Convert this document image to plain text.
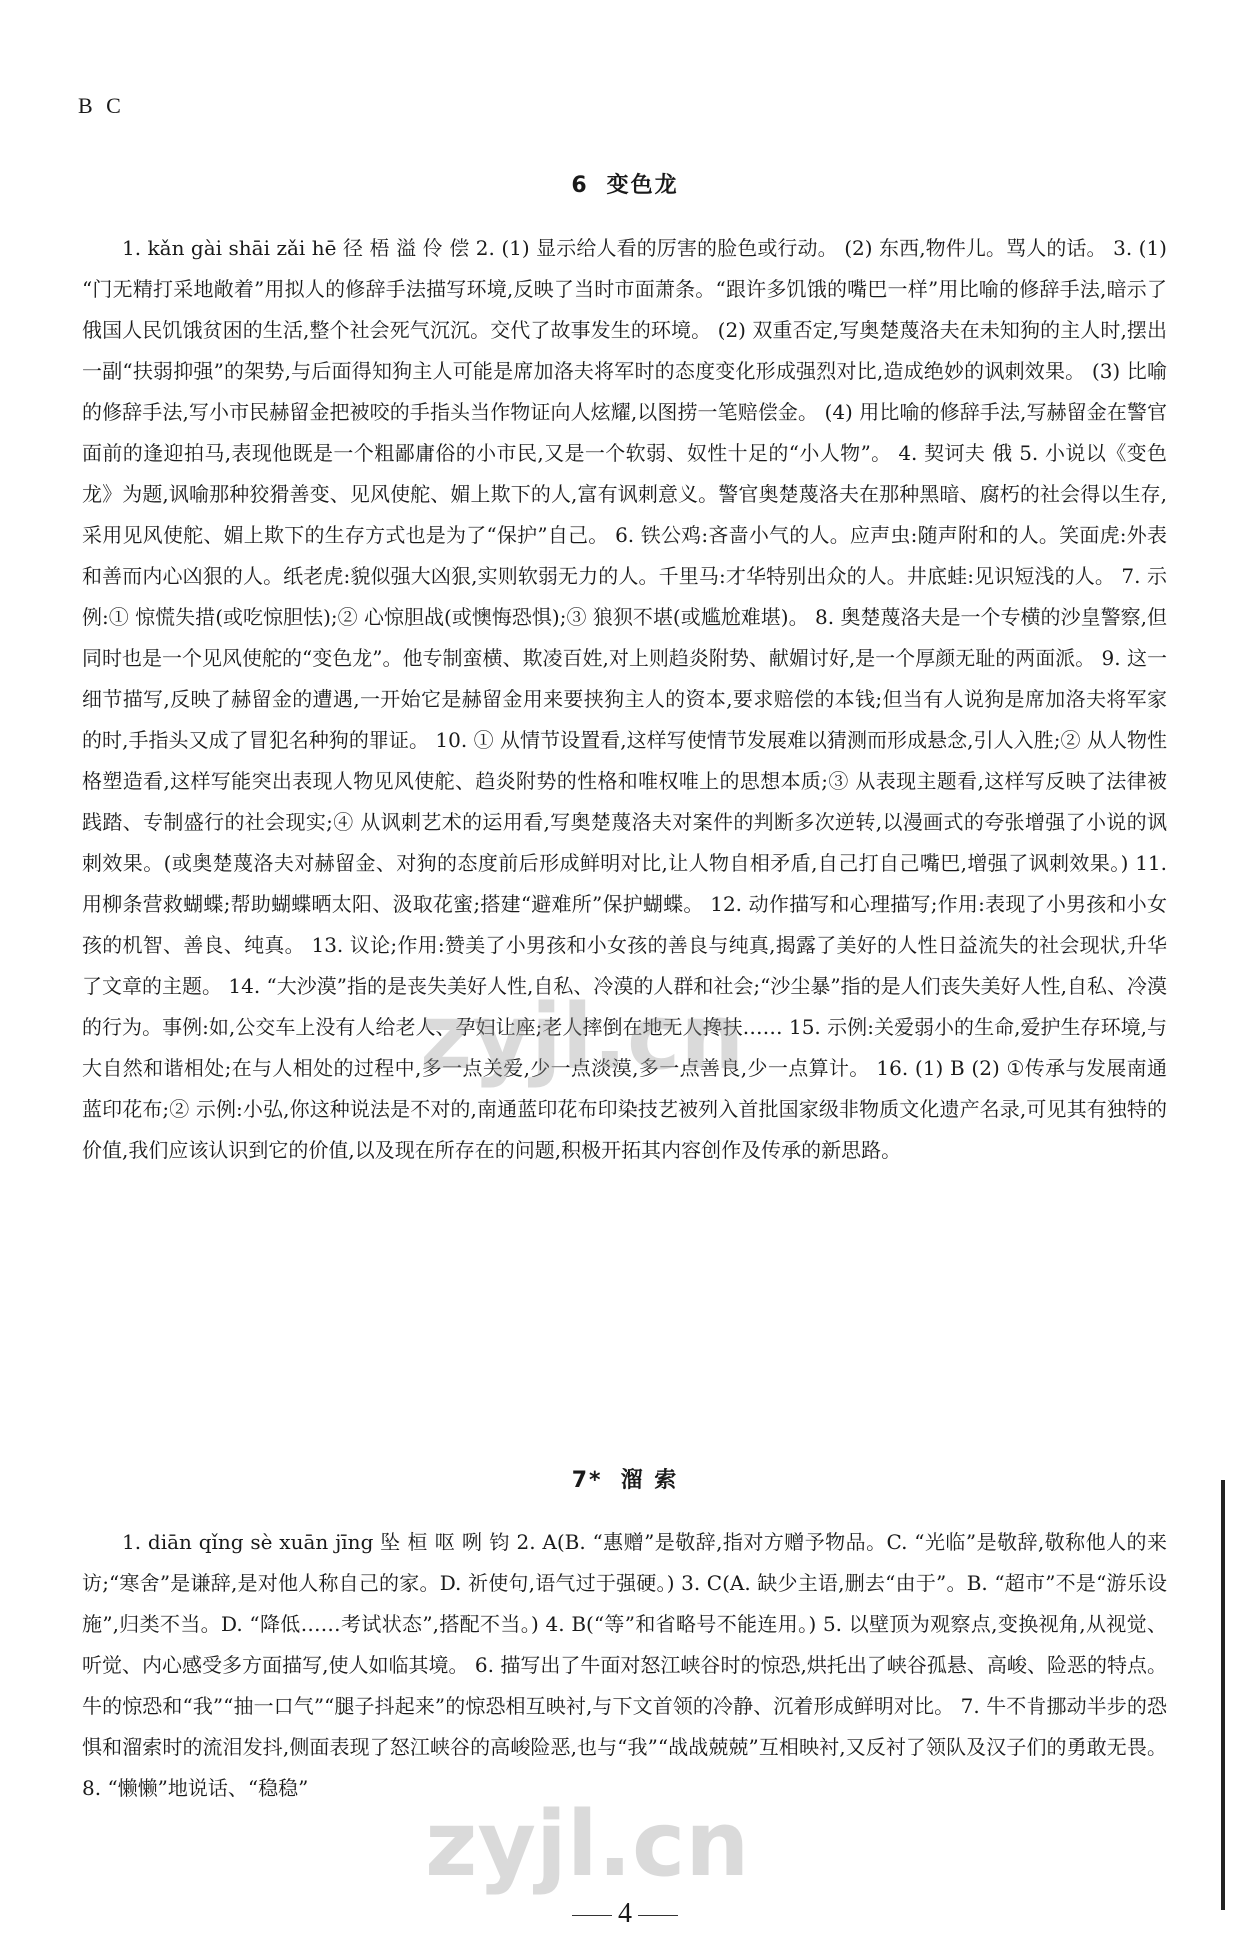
B C
6 变色龙
1. kǎn gài shāi zǎi hē 径 梧 溢 伶 偿 2. (1) 显示给人看的厉害的脸色或行动。 (2) 东西,物件儿。骂人的话。 3. (1) “门无精打采地敞着”用拟人的修辞手法描写环境,反映了当时市面萧条。“跟许多饥饿的嘴巴一样”用比喻的修辞手法,暗示了俄国人民饥饿贫困的生活,整个社会死气沉沉。交代了故事发生的环境。 (2) 双重否定,写奥楚蔑洛夫在未知狗的主人时,摆出一副“扶弱抑强”的架势,与后面得知狗主人可能是席加洛夫将军时的态度变化形成强烈对比,造成绝妙的讽刺效果。 (3) 比喻的修辞手法,写小市民赫留金把被咬的手指头当作物证向人炫耀,以图捞一笔赔偿金。 (4) 用比喻的修辞手法,写赫留金在警官面前的逢迎拍马,表现他既是一个粗鄙庸俗的小市民,又是一个软弱、奴性十足的“小人物”。 4. 契诃夫 俄 5. 小说以《变色龙》为题,讽喻那种狡猾善变、见风使舵、媚上欺下的人,富有讽刺意义。警官奥楚蔑洛夫在那种黑暗、腐朽的社会得以生存,采用见风使舵、媚上欺下的生存方式也是为了“保护”自己。 6. 铁公鸡:吝啬小气的人。应声虫:随声附和的人。笑面虎:外表和善而内心凶狠的人。纸老虎:貌似强大凶狠,实则软弱无力的人。千里马:才华特别出众的人。井底蛙:见识短浅的人。 7. 示例:① 惊慌失措(或吃惊胆怯);② 心惊胆战(或懊悔恐惧);③ 狼狈不堪(或尴尬难堪)。 8. 奥楚蔑洛夫是一个专横的沙皇警察,但同时也是一个见风使舵的“变色龙”。他专制蛮横、欺凌百姓,对上则趋炎附势、献媚讨好,是一个厚颜无耻的两面派。 9. 这一细节描写,反映了赫留金的遭遇,一开始它是赫留金用来要挟狗主人的资本,要求赔偿的本钱;但当有人说狗是席加洛夫将军家的时,手指头又成了冒犯名种狗的罪证。 10. ① 从情节设置看,这样写使情节发展难以猜测而形成悬念,引人入胜;② 从人物性格塑造看,这样写能突出表现人物见风使舵、趋炎附势的性格和唯权唯上的思想本质;③ 从表现主题看,这样写反映了法律被践踏、专制盛行的社会现实;④ 从讽刺艺术的运用看,写奥楚蔑洛夫对案件的判断多次逆转,以漫画式的夸张增强了小说的讽刺效果。(或奥楚蔑洛夫对赫留金、对狗的态度前后形成鲜明对比,让人物自相矛盾,自己打自己嘴巴,增强了讽刺效果。) 11. 用柳条营救蝴蝶;帮助蝴蝶晒太阳、汲取花蜜;搭建“避难所”保护蝴蝶。 12. 动作描写和心理描写;作用:表现了小男孩和小女孩的机智、善良、纯真。 13. 议论;作用:赞美了小男孩和小女孩的善良与纯真,揭露了美好的人性日益流失的社会现状,升华了文章的主题。 14. “大沙漠”指的是丧失美好人性,自私、冷漠的人群和社会;“沙尘暴”指的是人们丧失美好人性,自私、冷漠的行为。事例:如,公交车上没有人给老人、孕妇让座;老人摔倒在地无人搀扶…… 15. 示例:关爱弱小的生命,爱护生存环境,与大自然和谐相处;在与人相处的过程中,多一点关爱,少一点淡漠,多一点善良,少一点算计。 16. (1) B (2) ①传承与发展南通蓝印花布;② 示例:小弘,你这种说法是不对的,南通蓝印花布印染技艺被列入首批国家级非物质文化遗产名录,可见其有独特的价值,我们应该认识到它的价值,以及现在所存在的问题,积极开拓其内容创作及传承的新思路。
7* 溜 索
1. diān qǐng sè xuān jīng 坠 桓 呕 咧 钧 2. A(B. “惠赠”是敬辞,指对方赠予物品。C. “光临”是敬辞,敬称他人的来访;“寒舍”是谦辞,是对他人称自己的家。D. 祈使句,语气过于强硬。) 3. C(A. 缺少主语,删去“由于”。B. “超市”不是“游乐设施”,归类不当。D. “降低……考试状态”,搭配不当。) 4. B(“等”和省略号不能连用。) 5. 以壁顶为观察点,变换视角,从视觉、听觉、内心感受多方面描写,使人如临其境。 6. 描写出了牛面对怒江峡谷时的惊恐,烘托出了峡谷孤悬、高峻、险恶的特点。牛的惊恐和“我”“抽一口气”“腿子抖起来”的惊恐相互映衬,与下文首领的冷静、沉着形成鲜明对比。 7. 牛不肯挪动半步的恐惧和溜索时的流泪发抖,侧面表现了怒江峡谷的高峻险恶,也与“我”“战战兢兢”互相映衬,又反衬了领队及汉子们的勇敢无畏。 8. “懒懒”地说话、“稳稳”
zyjl.cn
zyjl.cn
4
